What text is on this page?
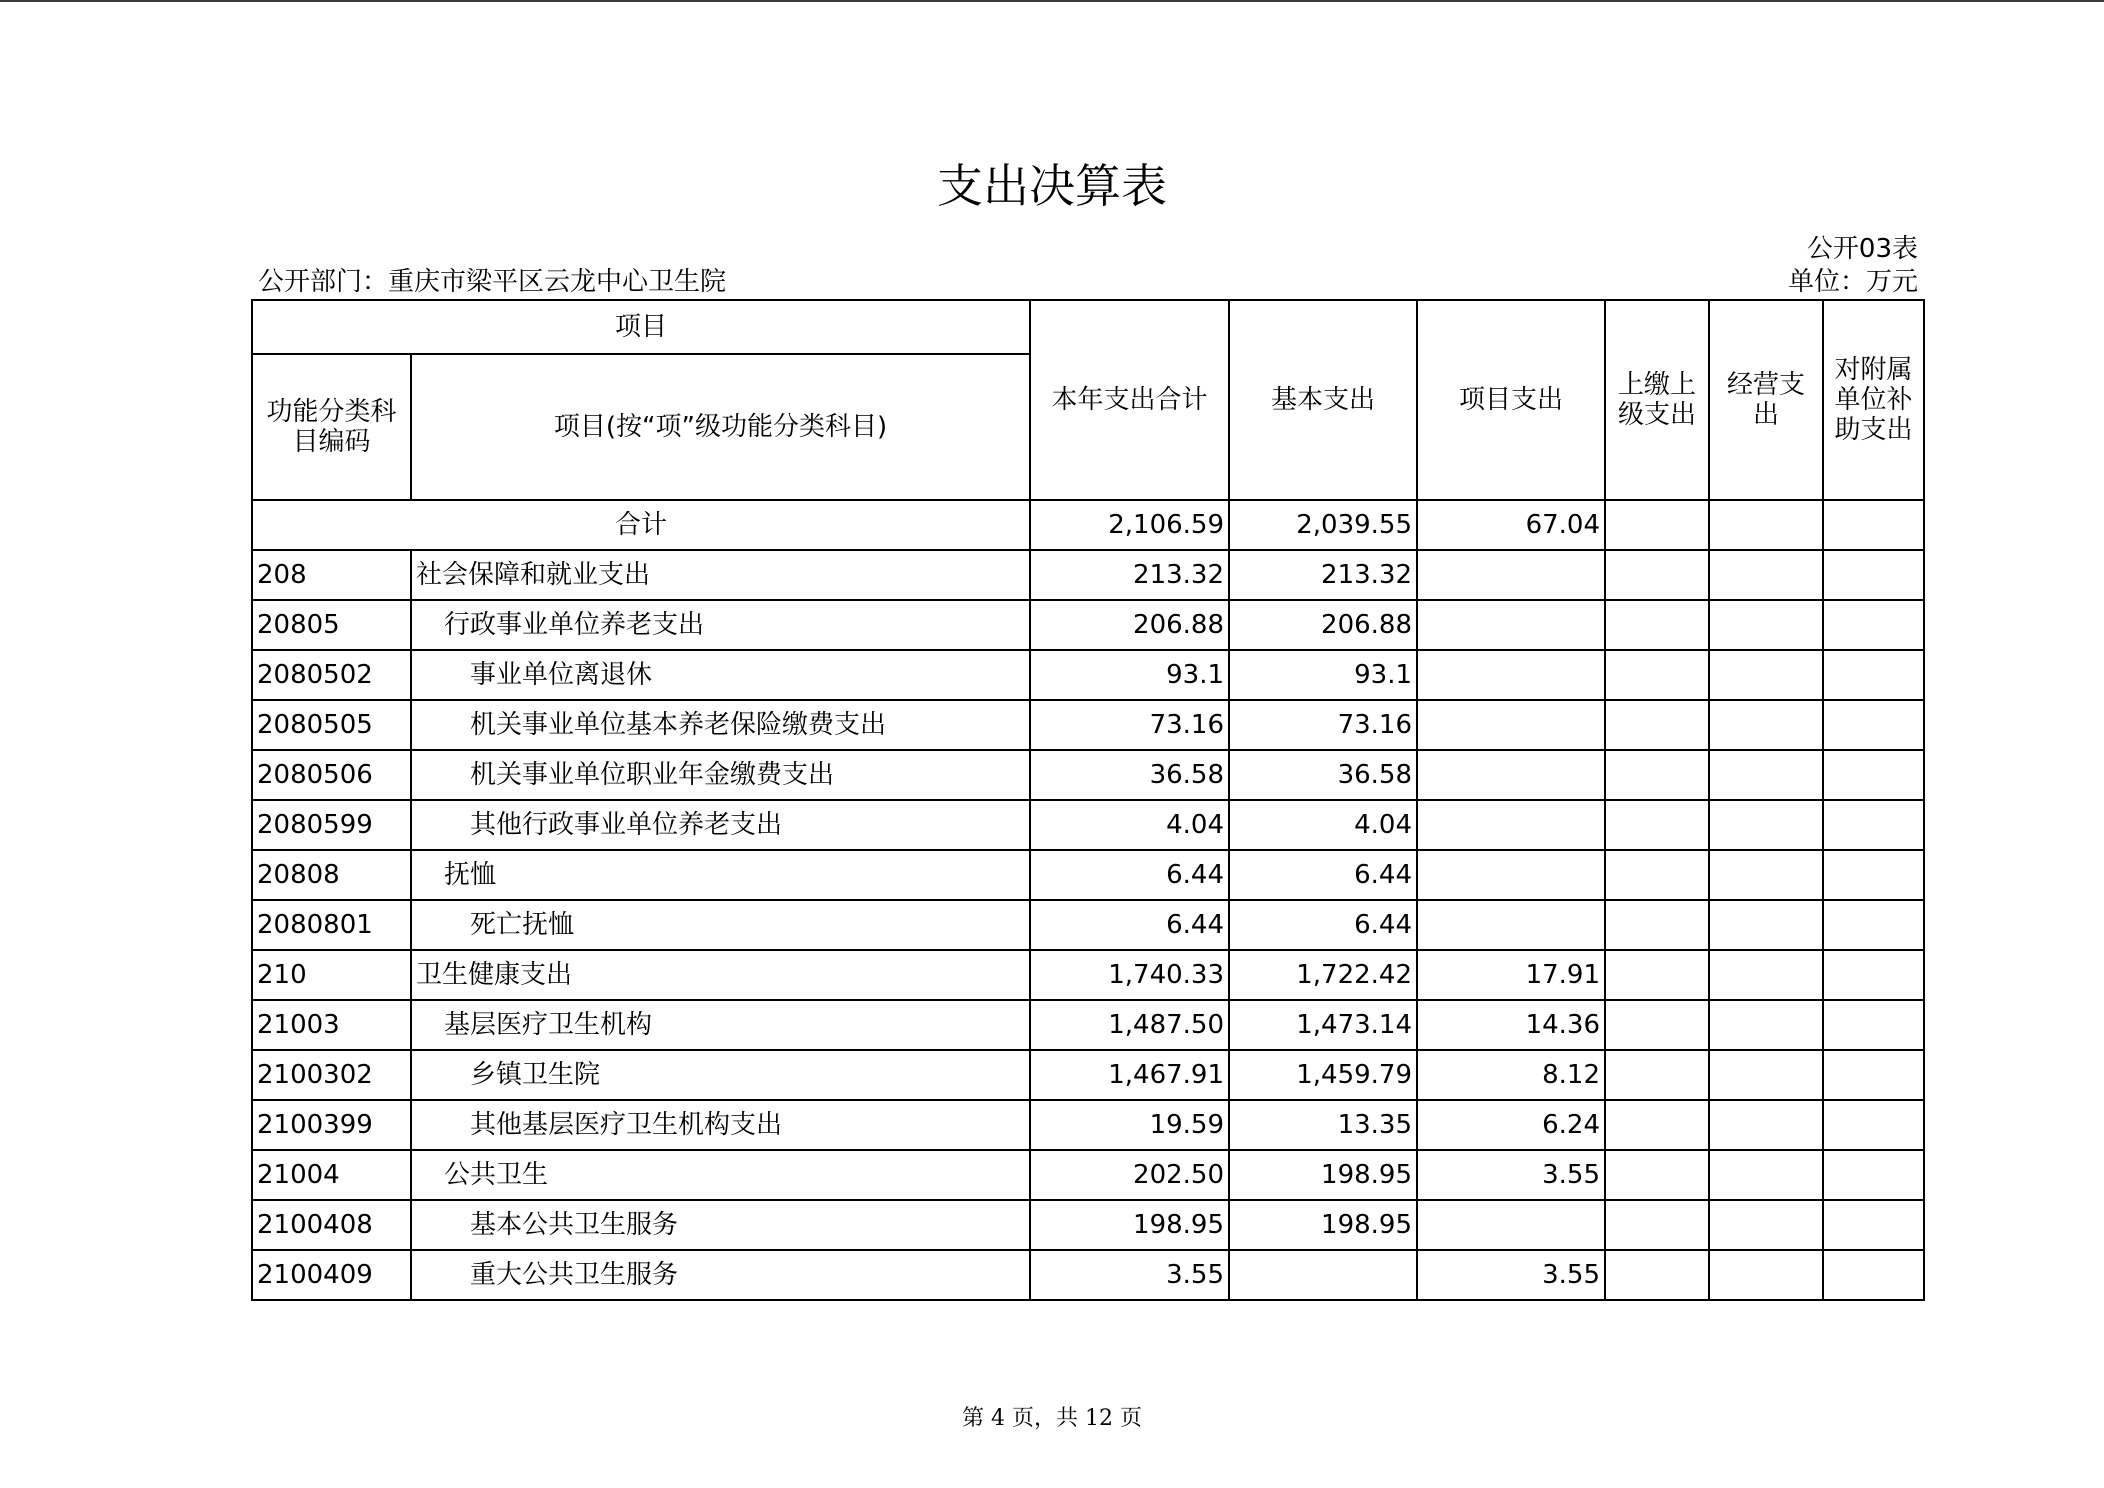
支出决算表
公开03表
公开部门：重庆市梁平区云龙中心卫生院	单位：万元
项目		本年支出合计	基本支出	项目支出	上缴上级支出	经营支出	对附属单位补助支出
功能分类科目编码	项目(按“项”级功能分类科目)						
合计		2,106.59	2,039.55	67.04			
208	社会保障和就业支出	213.32	213.32				
20805	行政事业单位养老支出	206.88	206.88				
2080502	事业单位离退休	93.1	93.1				
2080505	机关事业单位基本养老保险缴费支出	73.16	73.16				
2080506	机关事业单位职业年金缴费支出	36.58	36.58				
2080599	其他行政事业单位养老支出	4.04	4.04				
20808	抚恤	6.44	6.44				
2080801	死亡抚恤	6.44	6.44				
210	卫生健康支出	1,740.33	1,722.42	17.91			
21003	基层医疗卫生机构	1,487.50	1,473.14	14.36			
2100302	乡镇卫生院	1,467.91	1,459.79	8.12			
2100399	其他基层医疗卫生机构支出	19.59	13.35	6.24			
21004	公共卫生	202.50	198.95	3.55			
2100408	基本公共卫生服务	198.95	198.95				
2100409	重大公共卫生服务	3.55		3.55			
第 4 页，共 12 页
